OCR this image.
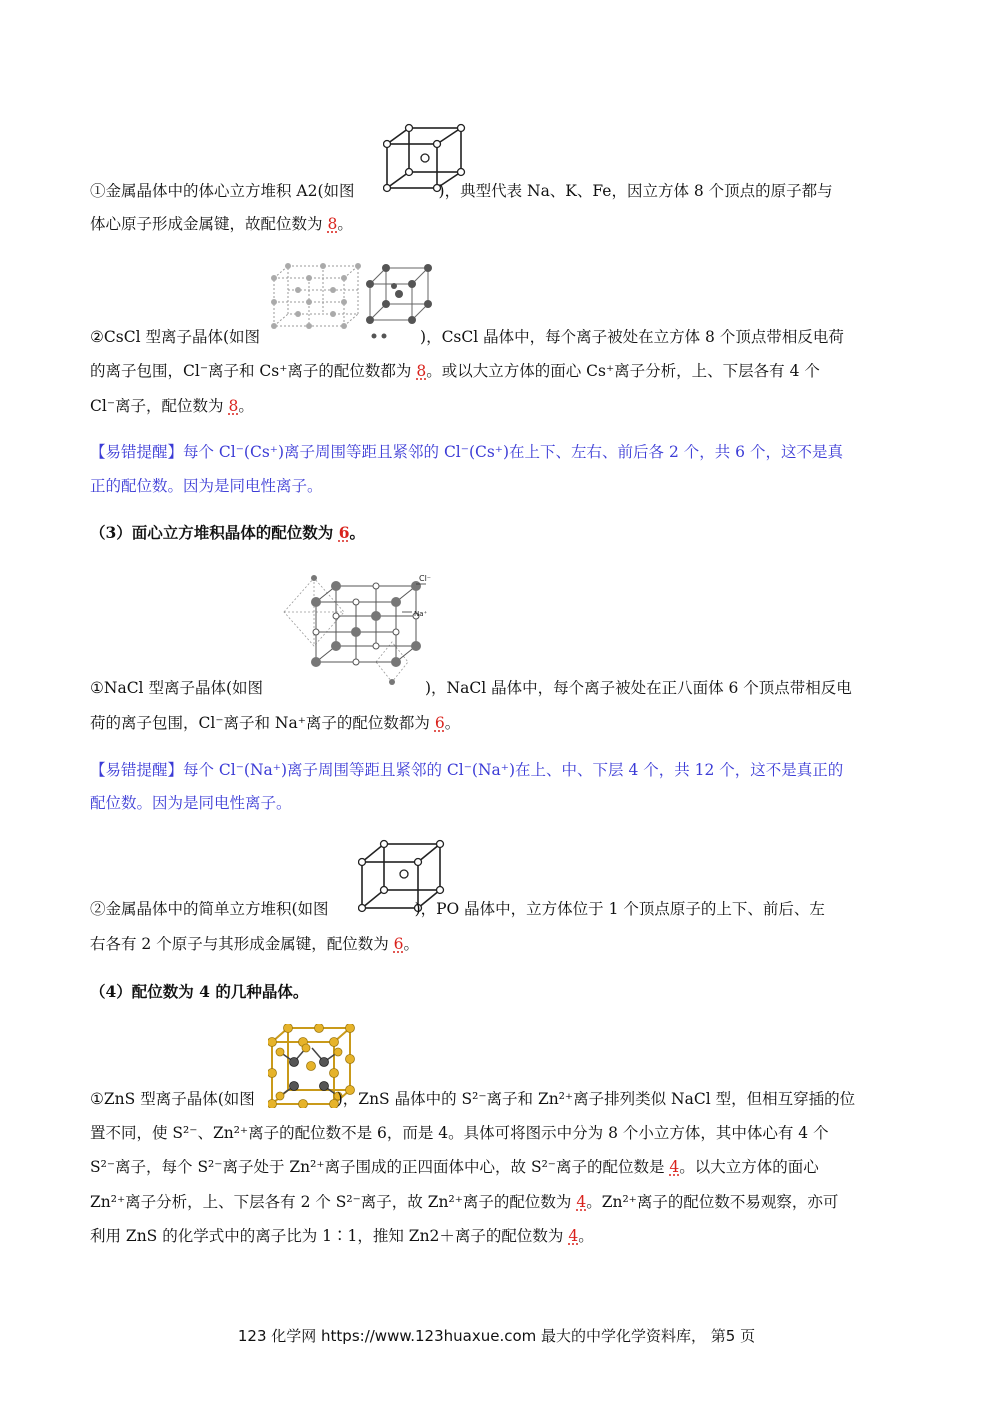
①金属晶体中的体心立方堆积 A2(如图	)，典型代表 Na、K、Fe，因立方体 8 个顶点的原子都与
体心原子形成金属键，故配位数为 8。
②CsCl 型离子晶体(如图	)，CsCl 晶体中，每个离子被处在立方体 8 个顶点带相反电荷
的离子包围，Cl⁻离子和 Cs⁺离子的配位数都为 8。或以大立方体的面心 Cs⁺离子分析，上、下层各有 4 个
Cl⁻离子，配位数为 8。
【易错提醒】每个 Cl⁻(Cs⁺)离子周围等距且紧邻的 Cl⁻(Cs⁺)在上下、左右、前后各 2 个，共 6 个，这不是真
正的配位数。因为是同电性离子。
（3）面心立方堆积晶体的配位数为 6。
Cl⁻
Na⁺
①NaCl 型离子晶体(如图	)，NaCl 晶体中，每个离子被处在正八面体 6 个顶点带相反电
荷的离子包围，Cl⁻离子和 Na⁺离子的配位数都为 6。
【易错提醒】每个 Cl⁻(Na⁺)离子周围等距且紧邻的 Cl⁻(Na⁺)在上、中、下层 4 个，共 12 个，这不是真正的
配位数。因为是同电性离子。
②金属晶体中的简单立方堆积(如图	)，PO 晶体中，立方体位于 1 个顶点原子的上下、前后、左
右各有 2 个原子与其形成金属键，配位数为 6。
（4）配位数为 4 的几种晶体。
①ZnS 型离子晶体(如图	)，ZnS 晶体中的 S²⁻离子和 Zn²⁺离子排列类似 NaCl 型，但相互穿插的位
置不同，使 S²⁻、Zn²⁺离子的配位数不是 6，而是 4。具体可将图示中分为 8 个小立方体，其中体心有 4 个
S²⁻离子，每个 S²⁻离子处于 Zn²⁺离子围成的正四面体中心，故 S²⁻离子的配位数是 4。以大立方体的面心
Zn²⁺离子分析，上、下层各有 2 个 S²⁻离子，故 Zn²⁺离子的配位数为 4。Zn²⁺离子的配位数不易观察，亦可
利用 ZnS 的化学式中的离子比为 1∶1，推知 Zn2＋离子的配位数为 4。
123 化学网 https://www.123huaxue.com 最大的中学化学资料库， 第5 页
